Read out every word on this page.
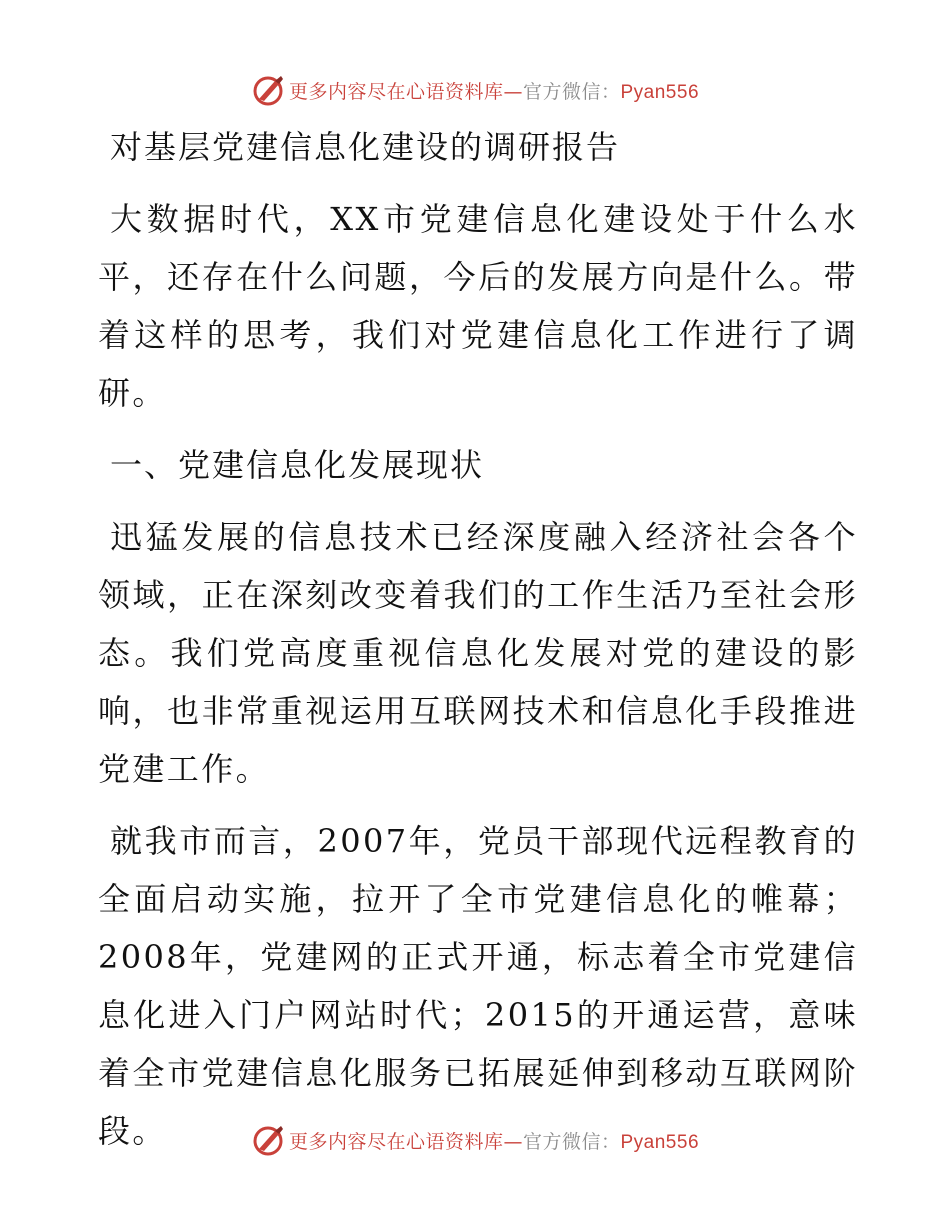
更多内容尽在心语资料库—官方微信：Pyan556
对基层党建信息化建设的调研报告

大数据时代，XX市党建信息化建设处于什么水平，还存在什么问题，今后的发展方向是什么。带着这样的思考，我们对党建信息化工作进行了调研。

一、党建信息化发展现状

迅猛发展的信息技术已经深度融入经济社会各个领域，正在深刻改变着我们的工作生活乃至社会形态。我们党高度重视信息化发展对党的建设的影响，也非常重视运用互联网技术和信息化手段推进党建工作。

就我市而言，2007年，党员干部现代远程教育的全面启动实施，拉开了全市党建信息化的帷幕；2008年，党建网的正式开通，标志着全市党建信息化进入门户网站时代；2015的开通运营，意味着全市党建信息化服务已拓展延伸到移动互联网阶段。	更多内容尽在心语资料库—官方微信：Pyan556
